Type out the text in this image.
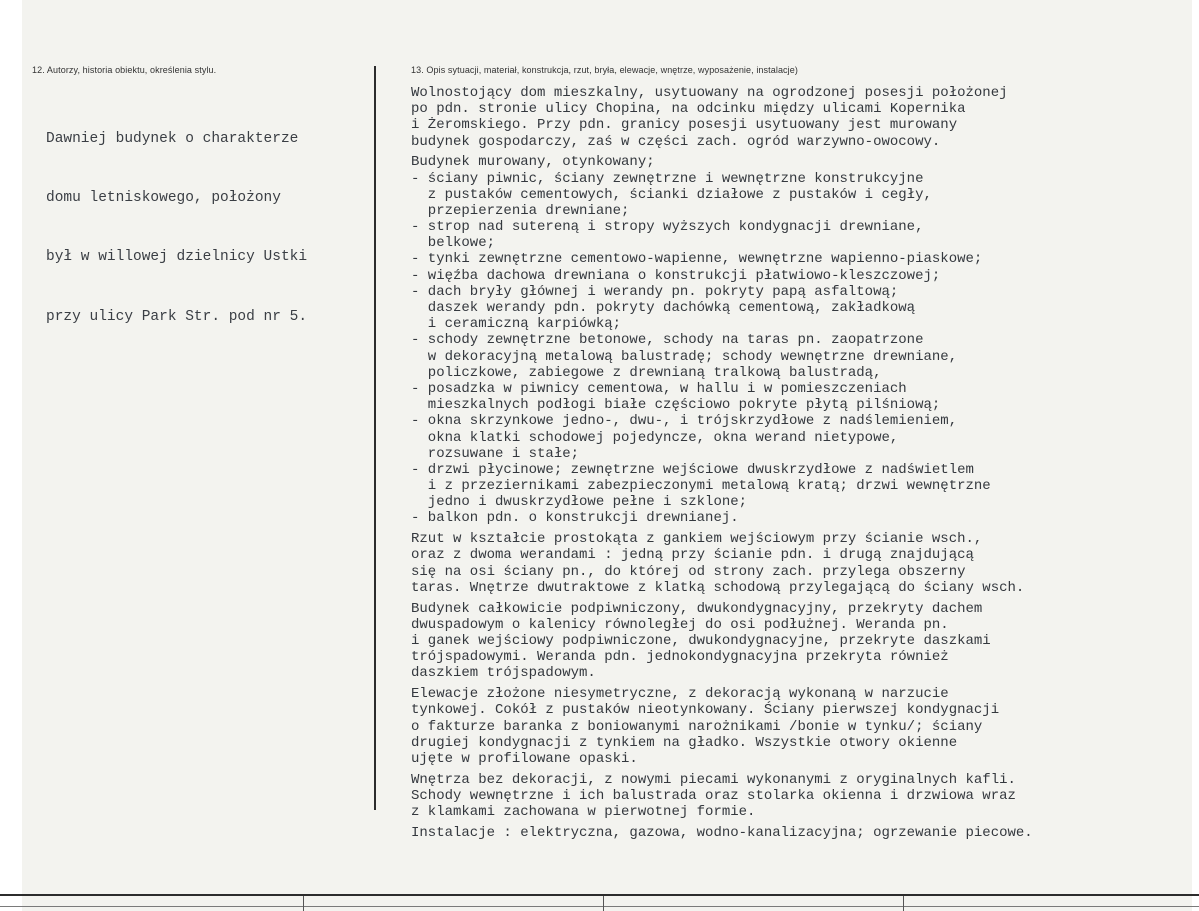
12. Autorzy, historia obiektu, określenia stylu.	13. Opis sytuacji, materiał, konstrukcja, rzut, bryła, elewacje, wnętrze, wyposażenie, instalacje)

Dawniej budynek o charakterze

domu letniskowego, położony

był w willowej dzielnicy Ustki

przy ulicy Park Str. pod nr 5.

Wolnostojący dom mieszkalny, usytuowany na ogrodzonej posesji położonej
po pdn. stronie ulicy Chopina, na odcinku między ulicami Kopernika
i Żeromskiego. Przy pdn. granicy posesji usytuowany jest murowany
budynek gospodarczy, zaś w części zach. ogród warzywno-owocowy.
Budynek murowany, otynkowany;
- ściany piwnic, ściany zewnętrzne i wewnętrzne konstrukcyjne
z pustaków cementowych, ścianki działowe z pustaków i cegły,
przepierzenia drewniane;
- strop nad sutereną i stropy wyższych kondygnacji drewniane,
belkowe;
- tynki zewnętrzne cementowo-wapienne, wewnętrzne wapienno-piaskowe;
- więźba dachowa drewniana o konstrukcji płatwiowo-kleszczowej;
- dach bryły głównej i werandy pn. pokryty papą asfaltową;
daszek werandy pdn. pokryty dachówką cementową, zakładkową
i ceramiczną karpiówką;
- schody zewnętrzne betonowe, schody na taras pn. zaopatrzone
w dekoracyjną metalową balustradę; schody wewnętrzne drewniane,
policzkowe, zabiegowe z drewnianą tralkową balustradą,
- posadzka w piwnicy cementowa, w hallu i w pomieszczeniach
mieszkalnych podłogi białe częściowo pokryte płytą pilśniową;
- okna skrzynkowe jedno-, dwu-, i trójskrzydłowe z nadślemieniem,
okna klatki schodowej pojedyncze, okna werand nietypowe,
rozsuwane i stałe;
- drzwi płycinowe; zewnętrzne wejściowe dwuskrzydłowe z nadświetlem
i z przeziernikami zabezpieczonymi metalową kratą; drzwi wewnętrzne
jedno i dwuskrzydłowe pełne i szklone;
- balkon pdn. o konstrukcji drewnianej.
Rzut w kształcie prostokąta z gankiem wejściowym przy ścianie wsch.,
oraz z dwoma werandami : jedną przy ścianie pdn. i drugą znajdującą
się na osi ściany pn., do której od strony zach. przylega obszerny
taras. Wnętrze dwutraktowe z klatką schodową przylegającą do ściany wsch.
Budynek całkowicie podpiwniczony, dwukondygnacyjny, przekryty dachem
dwuspadowym o kalenicy równoległej do osi podłużnej. Weranda pn.
i ganek wejściowy podpiwniczone, dwukondygnacyjne, przekryte daszkami
trójspadowymi. Weranda pdn. jednokondygnacyjna przekryta również
daszkiem trójspadowym.
Elewacje złożone niesymetryczne, z dekoracją wykonaną w narzucie
tynkowej. Cokół z pustaków nieotynkowany. Ściany pierwszej kondygnacji
o fakturze baranka z boniowanymi narożnikami /bonie w tynku/; ściany
drugiej kondygnacji z tynkiem na gładko. Wszystkie otwory okienne
ujęte w profilowane opaski.
Wnętrza bez dekoracji, z nowymi piecami wykonanymi z oryginalnych kafli.
Schody wewnętrzne i ich balustrada oraz stolarka okienna i drzwiowa wraz
z klamkami zachowana w pierwotnej formie.
Instalacje : elektryczna, gazowa, wodno-kanalizacyjna; ogrzewanie piecowe.
